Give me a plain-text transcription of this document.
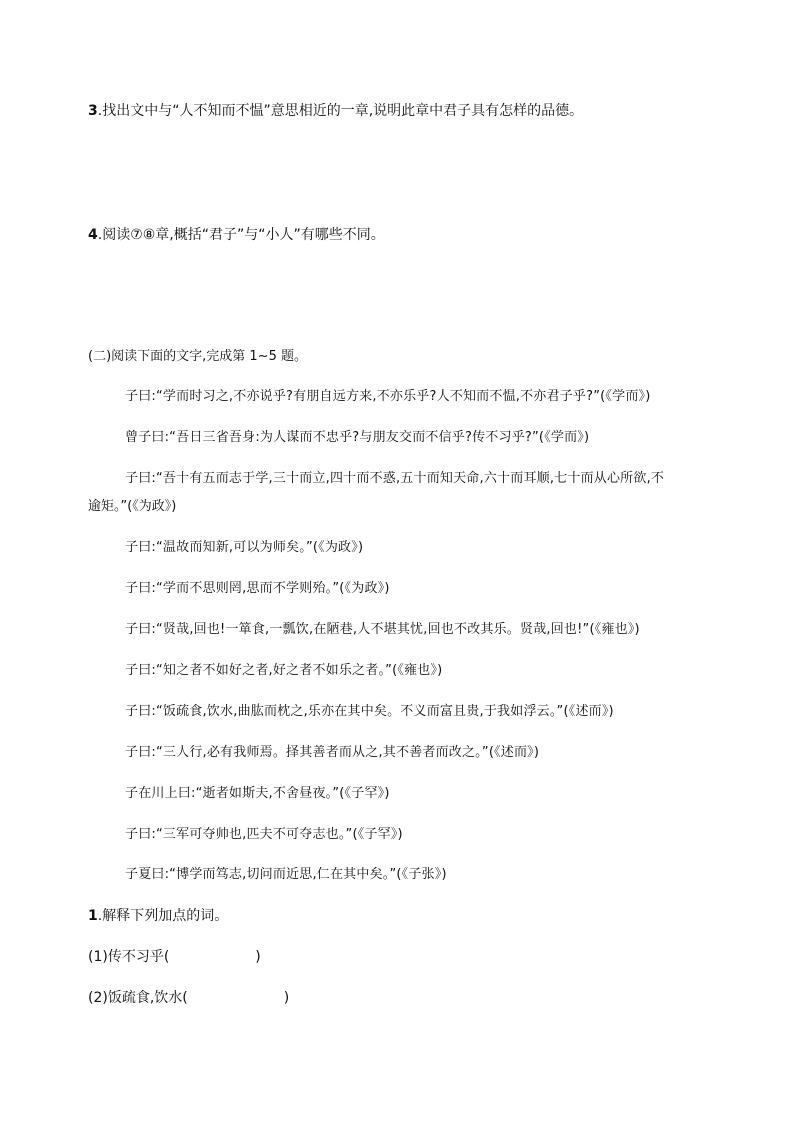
3.找出文中与“人不知而不愠”意思相近的一章,说明此章中君子具有怎样的品德。
4.阅读⑦⑧章,概括“君子”与“小人”有哪些不同。
(二)阅读下面的文字,完成第 1~5 题。
子曰:“学而时习之,不亦说乎?有朋自远方来,不亦乐乎?人不知而不愠,不亦君子乎?”(《学而》)
曾子曰:“吾日三省吾身:为人谋而不忠乎?与朋友交而不信乎?传不习乎?”(《学而》)
子曰:“吾十有五而志于学,三十而立,四十而不惑,五十而知天命,六十而耳顺,七十而从心所欲,不
逾矩。”(《为政》)
子曰:“温故而知新,可以为师矣。”(《为政》)
子曰:“学而不思则罔,思而不学则殆。”(《为政》)
子曰:“贤哉,回也!一箪食,一瓢饮,在陋巷,人不堪其忧,回也不改其乐。贤哉,回也!”(《雍也》)
子曰:“知之者不如好之者,好之者不如乐之者。”(《雍也》)
子曰:“饭疏食,饮水,曲肱而枕之,乐亦在其中矣。不义而富且贵,于我如浮云。”(《述而》)
子曰:“三人行,必有我师焉。择其善者而从之,其不善者而改之。”(《述而》)
子在川上曰:“逝者如斯夫,不舍昼夜。”(《子罕》)
子曰:“三军可夺帅也,匹夫不可夺志也。”(《子罕》)
子夏曰:“博学而笃志,切问而近思,仁在其中矣。”(《子张》)
1.解释下列加点的词。
(1)传不习乎(	)
(2)饭疏食,饮水(	)
